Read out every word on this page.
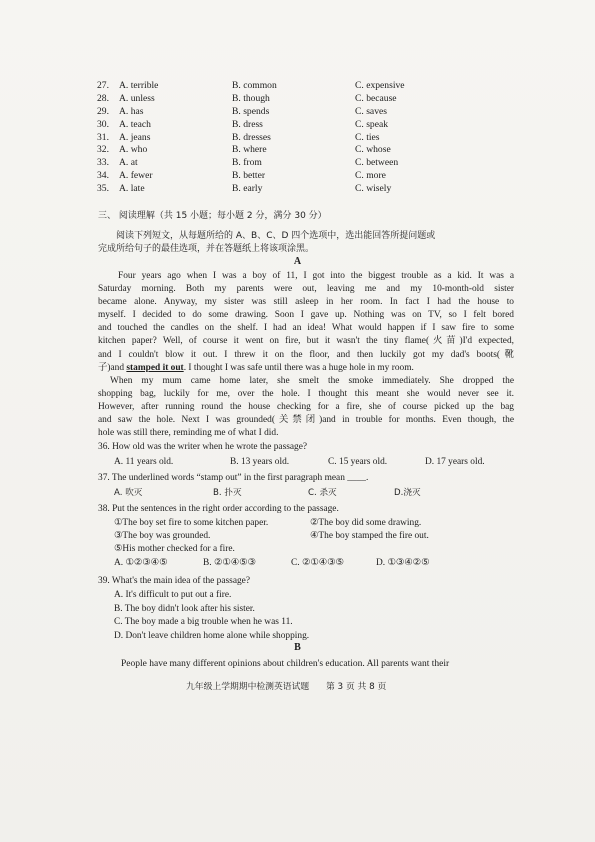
27. A. terrible	B. common	C. expensive
28. A. unless	B. though	C. because
29. A. has	B. spends	C. saves
30. A. teach	B. dress	C. speak
31. A. jeans	B. dresses	C. ties
32. A. who	B. where	C. whose
33. A. at	B. from	C. between
34. A. fewer	B. better	C. more
35. A. late	B. early	C. wisely
三、 阅读理解（共 15 小题；每小题 2 分，满分 30 分）
阅读下列短文，从每题所给的 A、B、C、D 四个选项中，选出能回答所提问题或
完成所给句子的最佳选项，并在答题纸上将该项涂黑。
A
Four years ago when I was a boy of 11, I got into the biggest trouble as a kid. It was a
Saturday morning. Both my parents were out, leaving me and my 10-month-old sister
became alone. Anyway, my sister was still asleep in her room. In fact I had the house to
myself. I decided to do some drawing. Soon I gave up. Nothing was on TV, so I felt bored
and touched the candles on the shelf. I had an idea! What would happen if I saw fire to some
kitchen paper? Well, of course it went on fire, but it wasn't the tiny flame(火苗)I'd expected,
and I couldn't blow it out. I threw it on the floor, and then luckily got my dad's boots(靴
子)and stamped it out. I thought I was safe until there was a huge hole in my room.
When my mum came home later, she smelt the smoke immediately. She dropped the
shopping bag, luckily for me, over the hole. I thought this meant she would never see it.
However, after running round the house checking for a fire, she of course picked up the bag
and saw the hole. Next I was grounded(关禁闭)and in trouble for months. Even though, the
hole was still there, reminding me of what I did.
36. How old was the writer when he wrote the passage?
A. 11 years old.	B. 13 years old.	C. 15 years old.	D. 17 years old.
37. The underlined words “stamp out” in the first paragraph mean ____.
A. 吹灭	B. 扑灭	C. 杀灭	D.浇灭
38. Put the sentences in the right order according to the passage.
①The boy set fire to some kitchen paper.	②The boy did some drawing.
③The boy was grounded.	④The boy stamped the fire out.
⑤His mother checked for a fire.
A. ①②③④⑤	B. ②①④⑤③	C. ②①④③⑤	D. ①③④②⑤
39. What's the main idea of the passage?
A. It's difficult to put out a fire.
B. The boy didn't look after his sister.
C. The boy made a big trouble when he was 11.
D. Don't leave children home alone while shopping.
B
People have many different opinions about children's education. All parents want their
九年级上学期期中检测英语试题 第 3 页 共 8 页
